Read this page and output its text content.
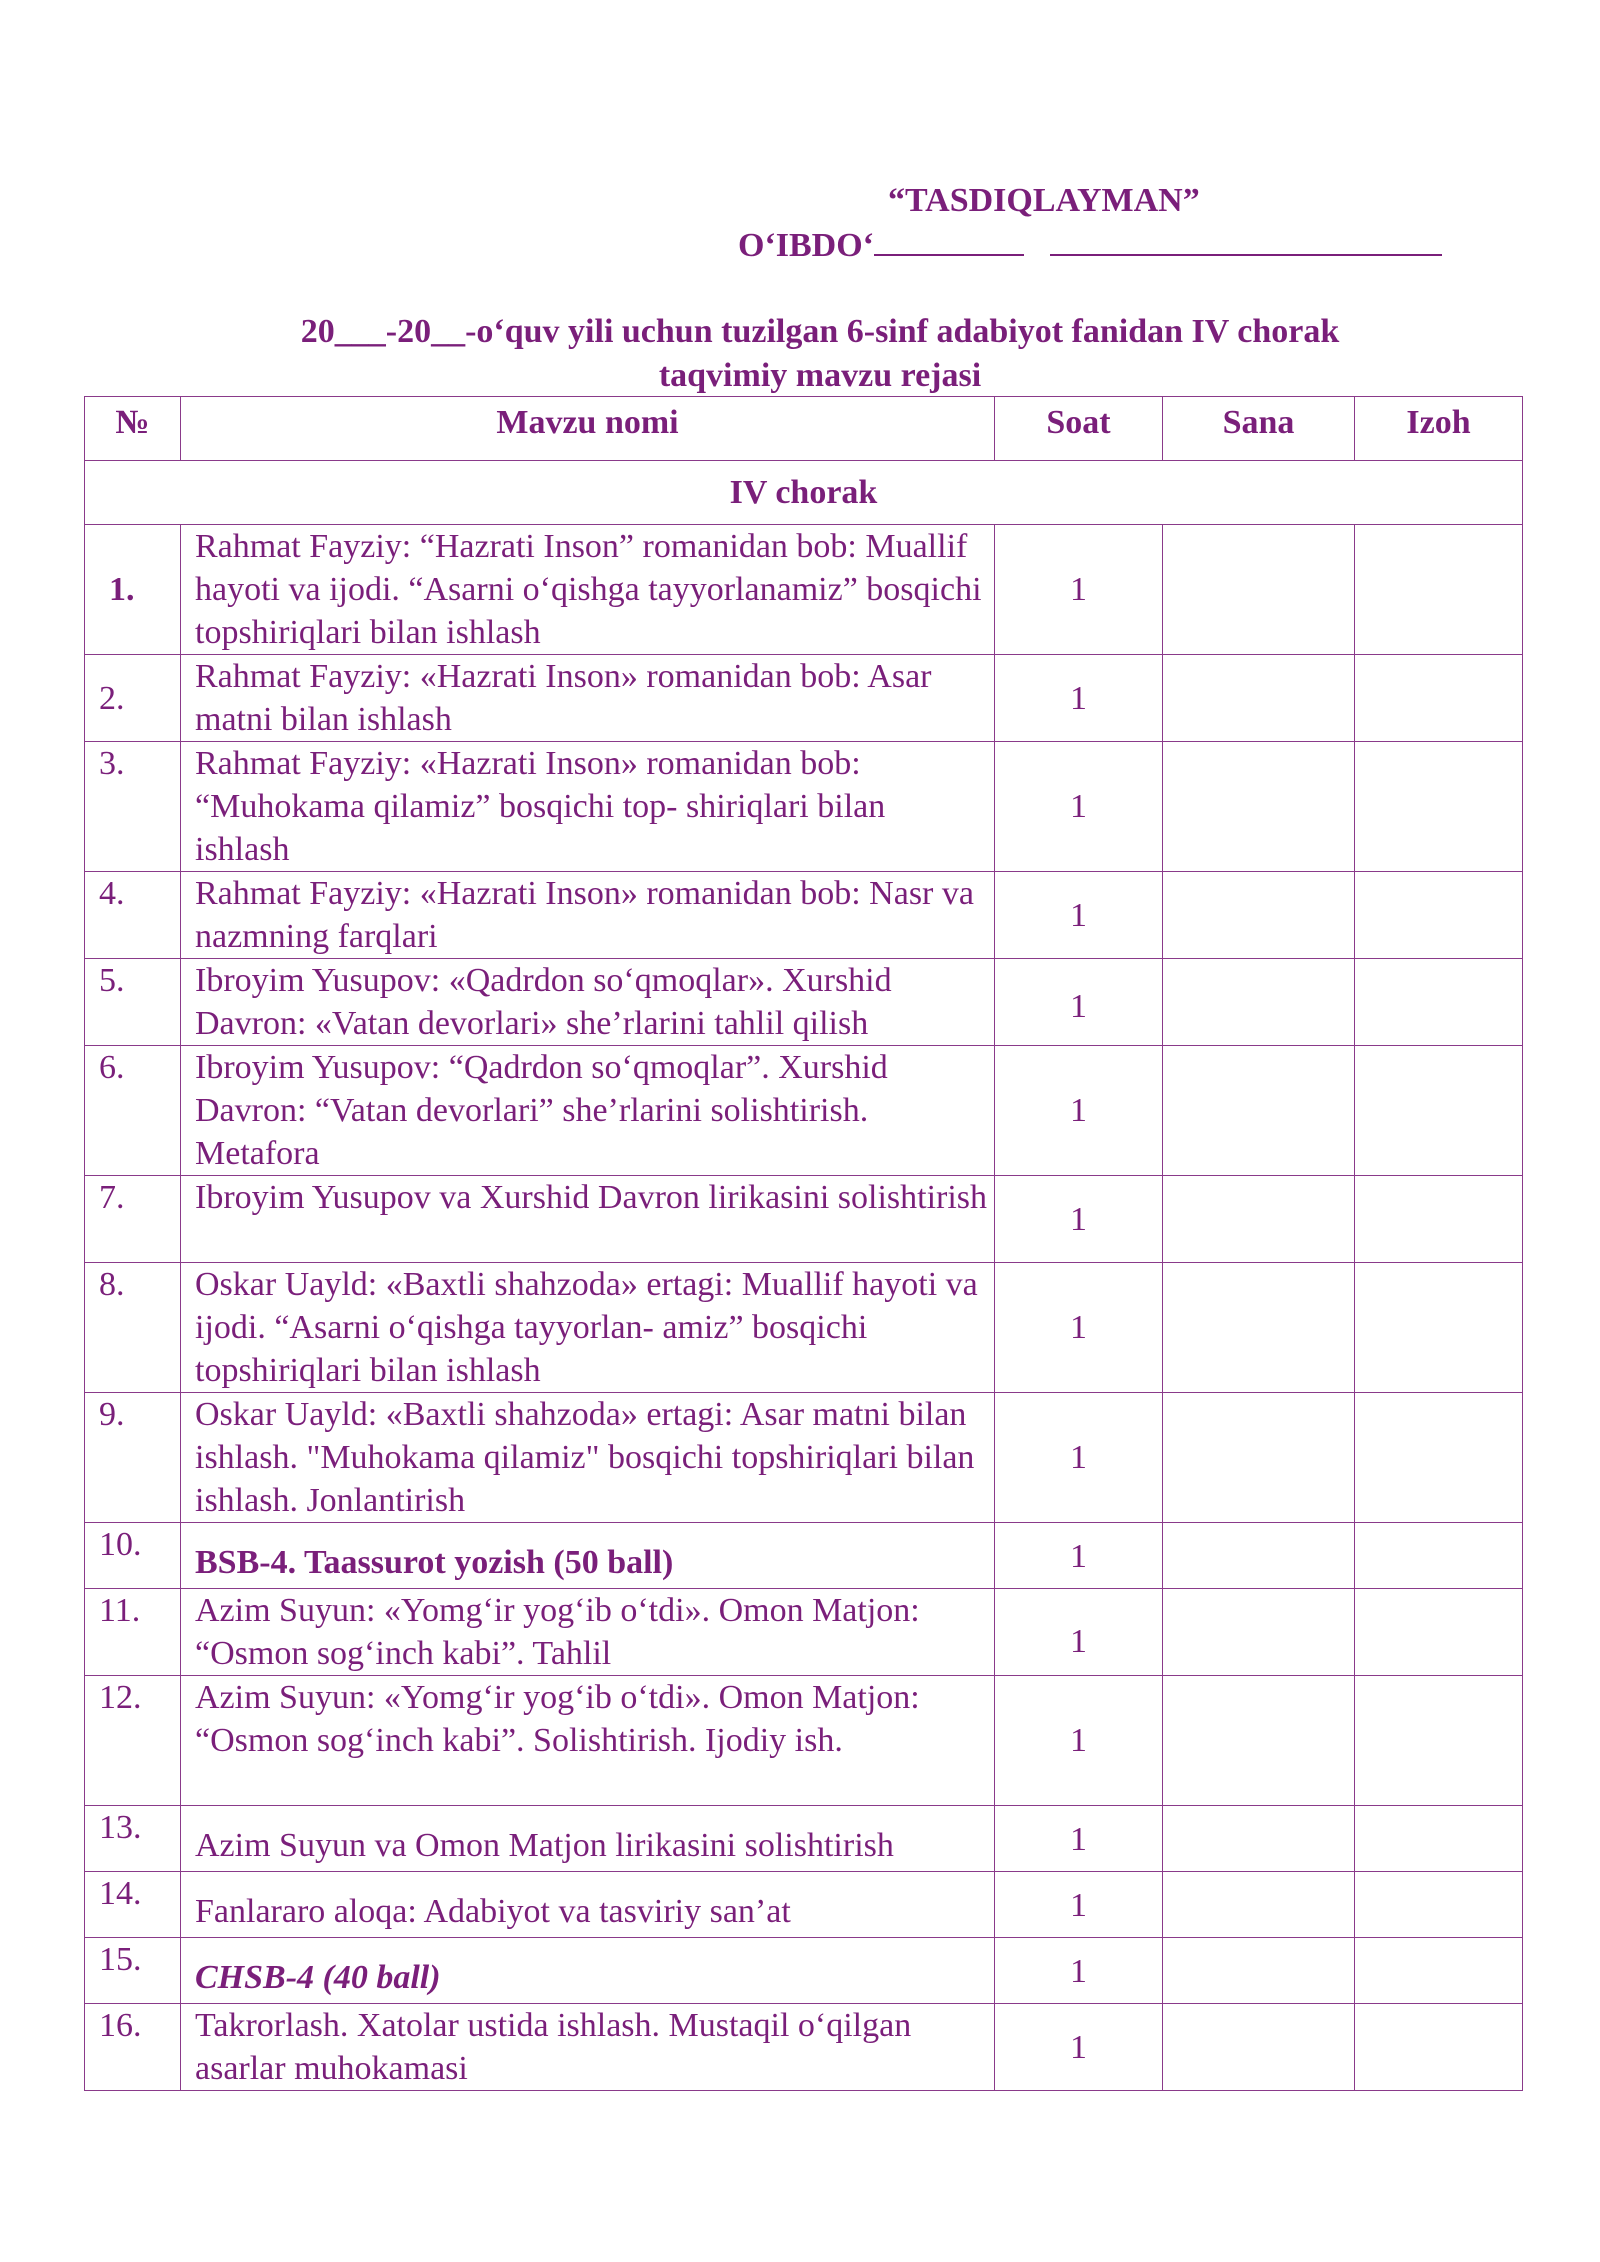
“TASDIQLAYMAN”
O‘IBDO‘
20___-20__-o‘quv yili uchun tuzilgan 6-sinf adabiyot fanidan IV chorak
taqvimiy mavzu rejasi
№	Mavzu nomi	Soat	Sana	Izoh
IV chorak				
1.	Rahmat Fayziy: “Hazrati Inson” romanidan bob: Muallif hayoti va ijodi. “Asarni o‘qishga tayyorlanamiz” bosqichi topshiriqlari bilan ishlash	1		
2.	Rahmat Fayziy: «Hazrati Inson» romanidan bob: Asar matni bilan ishlash	1		
3.	Rahmat Fayziy: «Hazrati Inson» romanidan bob: “Muhokama qilamiz” bosqichi top- shiriqlari bilan ishlash	1		
4.	Rahmat Fayziy: «Hazrati Inson» romanidan bob: Nasr va nazmning farqlari	1		
5.	Ibroyim Yusupov: «Qadrdon so‘qmoqlar». Xurshid Davron: «Vatan devorlari» she’rlarini tahlil qilish	1		
6.	Ibroyim Yusupov: “Qadrdon so‘qmoqlar”. Xurshid Davron: “Vatan devorlari” she’rlarini solishtirish. Metafora	1		
7.	Ibroyim Yusupov va Xurshid Davron lirikasini solishtirish	1		
8.	Oskar Uayld: «Baxtli shahzoda» ertagi: Muallif hayoti va ijodi. “Asarni o‘qishga tayyorlan- amiz” bosqichi topshiriqlari bilan ishlash	1		
9.	Oskar Uayld: «Baxtli shahzoda» ertagi: Asar matni bilan ishlash. "Muhokama qilamiz" bosqichi topshiriqlari bilan ishlash. Jonlantirish	1		
10.	BSB-4. Taassurot yozish (50 ball)	1		
11.	Azim Suyun: «Yomg‘ir yog‘ib o‘tdi». Omon Matjon: “Osmon sog‘inch kabi”. Tahlil	1		
12.	Azim Suyun: «Yomg‘ir yog‘ib o‘tdi». Omon Matjon: “Osmon sog‘inch kabi”. Solishtirish. Ijodiy ish.	1		
13.	Azim Suyun va Omon Matjon lirikasini solishtirish	1		
14.	Fanlararo aloqa: Adabiyot va tasviriy san’at	1		
15.	CHSB-4 (40 ball)	1		
16.	Takrorlash. Xatolar ustida ishlash. Mustaqil o‘qilgan asarlar muhokamasi	1		
